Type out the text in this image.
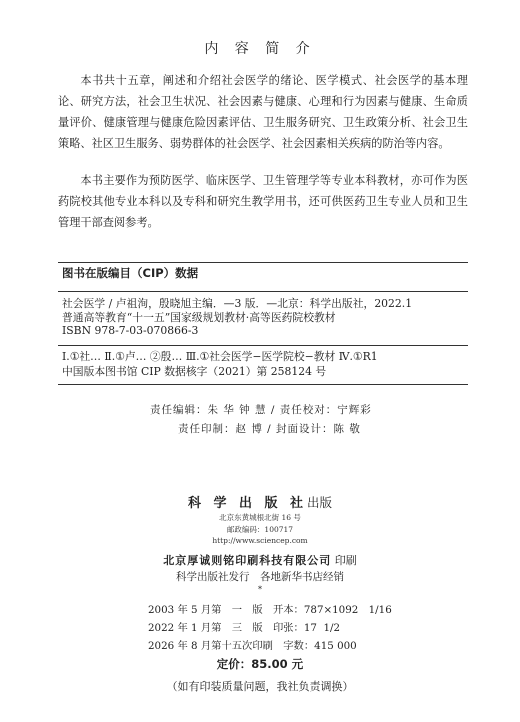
内 容 简 介
本书共十五章，阐述和介绍社会医学的绪论、医学模式、社会医学的基本理论、研究方法，社会卫生状况、社会因素与健康、心理和行为因素与健康、生命质量评价、健康管理与健康危险因素评估、卫生服务研究、卫生政策分析、社会卫生策略、社区卫生服务、弱势群体的社会医学、社会因素相关疾病的防治等内容。
本书主要作为预防医学、临床医学、卫生管理学等专业本科教材，亦可作为医药院校其他专业本科以及专科和研究生教学用书，还可供医药卫生专业人员和卫生管理干部查阅参考。
图书在版编目（CIP）数据
社会医学 / 卢祖洵，殷晓旭主编．—3 版．—北京：科学出版社，2022.1
普通高等教育“十一五”国家级规划教材·高等医药院校教材
ISBN 978-7-03-070866-3
Ⅰ.①社… Ⅱ.①卢… ②殷… Ⅲ.①社会医学−医学院校−教材 Ⅳ.①R1
中国版本图书馆 CIP 数据核字（2021）第 258124 号
责任编辑：朱 华 钟 慧 / 责任校对：宁辉彩
责任印制：赵 博 / 封面设计：陈 敬
科 学 出 版 社出版
北京东黄城根北街 16 号
邮政编码：100717
http://www.sciencep.com
北京厚诚则铭印刷科技有限公司 印刷
科学出版社发行　各地新华书店经销
*
2003 年 5 月第　一　版　开本：787×1092　1/16
2022 年 1 月第　三　版　印张：17  1/2
2026 年 8 月第十五次印刷　字数：415 000
定价：85.00 元
（如有印装质量问题，我社负责调换）
